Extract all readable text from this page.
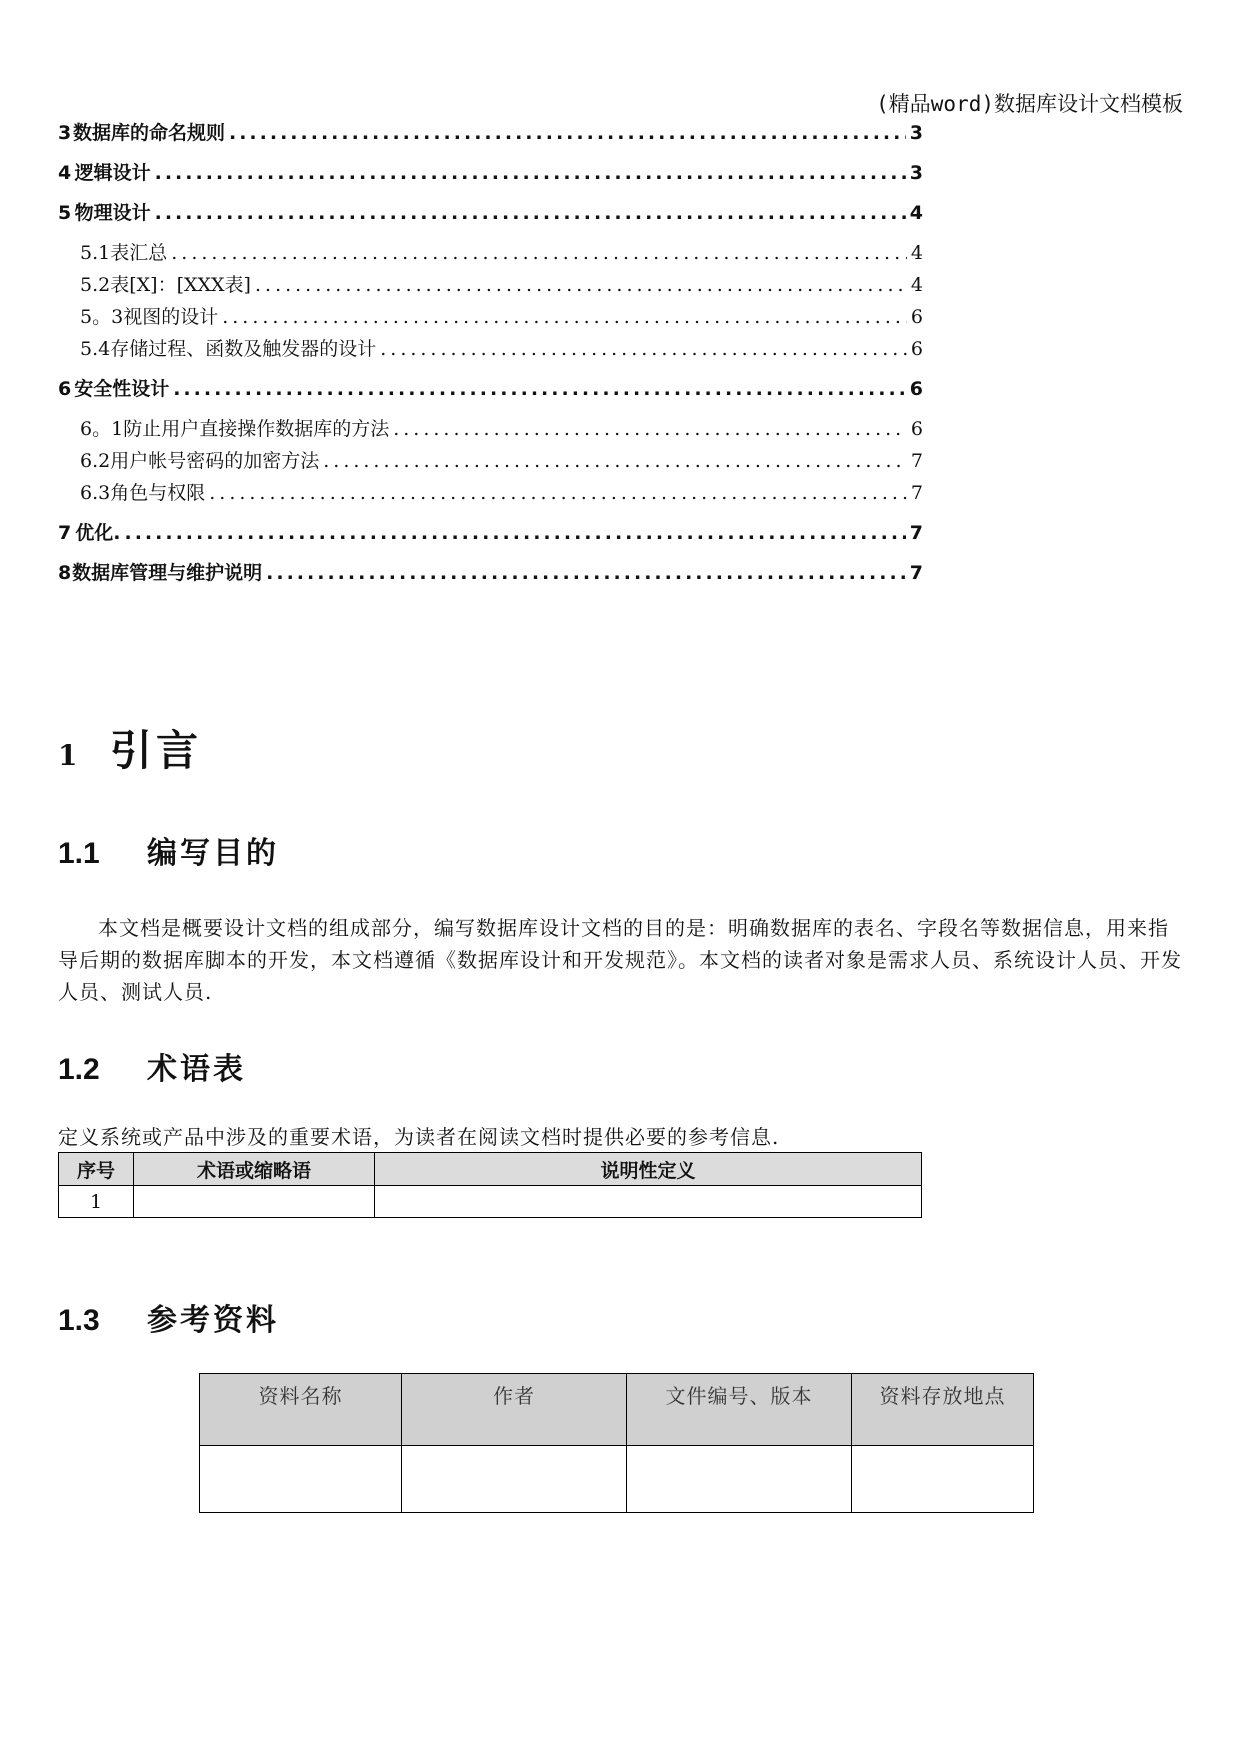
(精品word)数据库设计文档模板
3 数据库的命名规则 .....	3
4 逻辑设计 .....	3
5 物理设计 .....	4
5.1 表汇总 .....	4
5.2 表[X]：[XXX表] .....	4
5。3 视图的设计 .....	6
5.4 存储过程、函数及触发器的设计 .....	6
6 安全性设计 .....	6
6。1 防止用户直接操作数据库的方法 .....	6
6.2 用户帐号密码的加密方法 .....	7
6.3 角色与权限 .....	7
7 优化. .....	7
8 数据库管理与维护说明 .....	7
1 引言
1.1	编写目的
本文档是概要设计文档的组成部分，编写数据库设计文档的目的是：明确数据库的表名、字段名等数据信息，用来指导后期的数据库脚本的开发，本文档遵循《数据库设计和开发规范》。本文档的读者对象是需求人员、系统设计人员、开发人员、测试人员.
1.2	术语表
定义系统或产品中涉及的重要术语，为读者在阅读文档时提供必要的参考信息.
序号	术语或缩略语	说明性定义
1		
1.3	参考资料
资料名称	作者	文件编号、版本	资料存放地点
